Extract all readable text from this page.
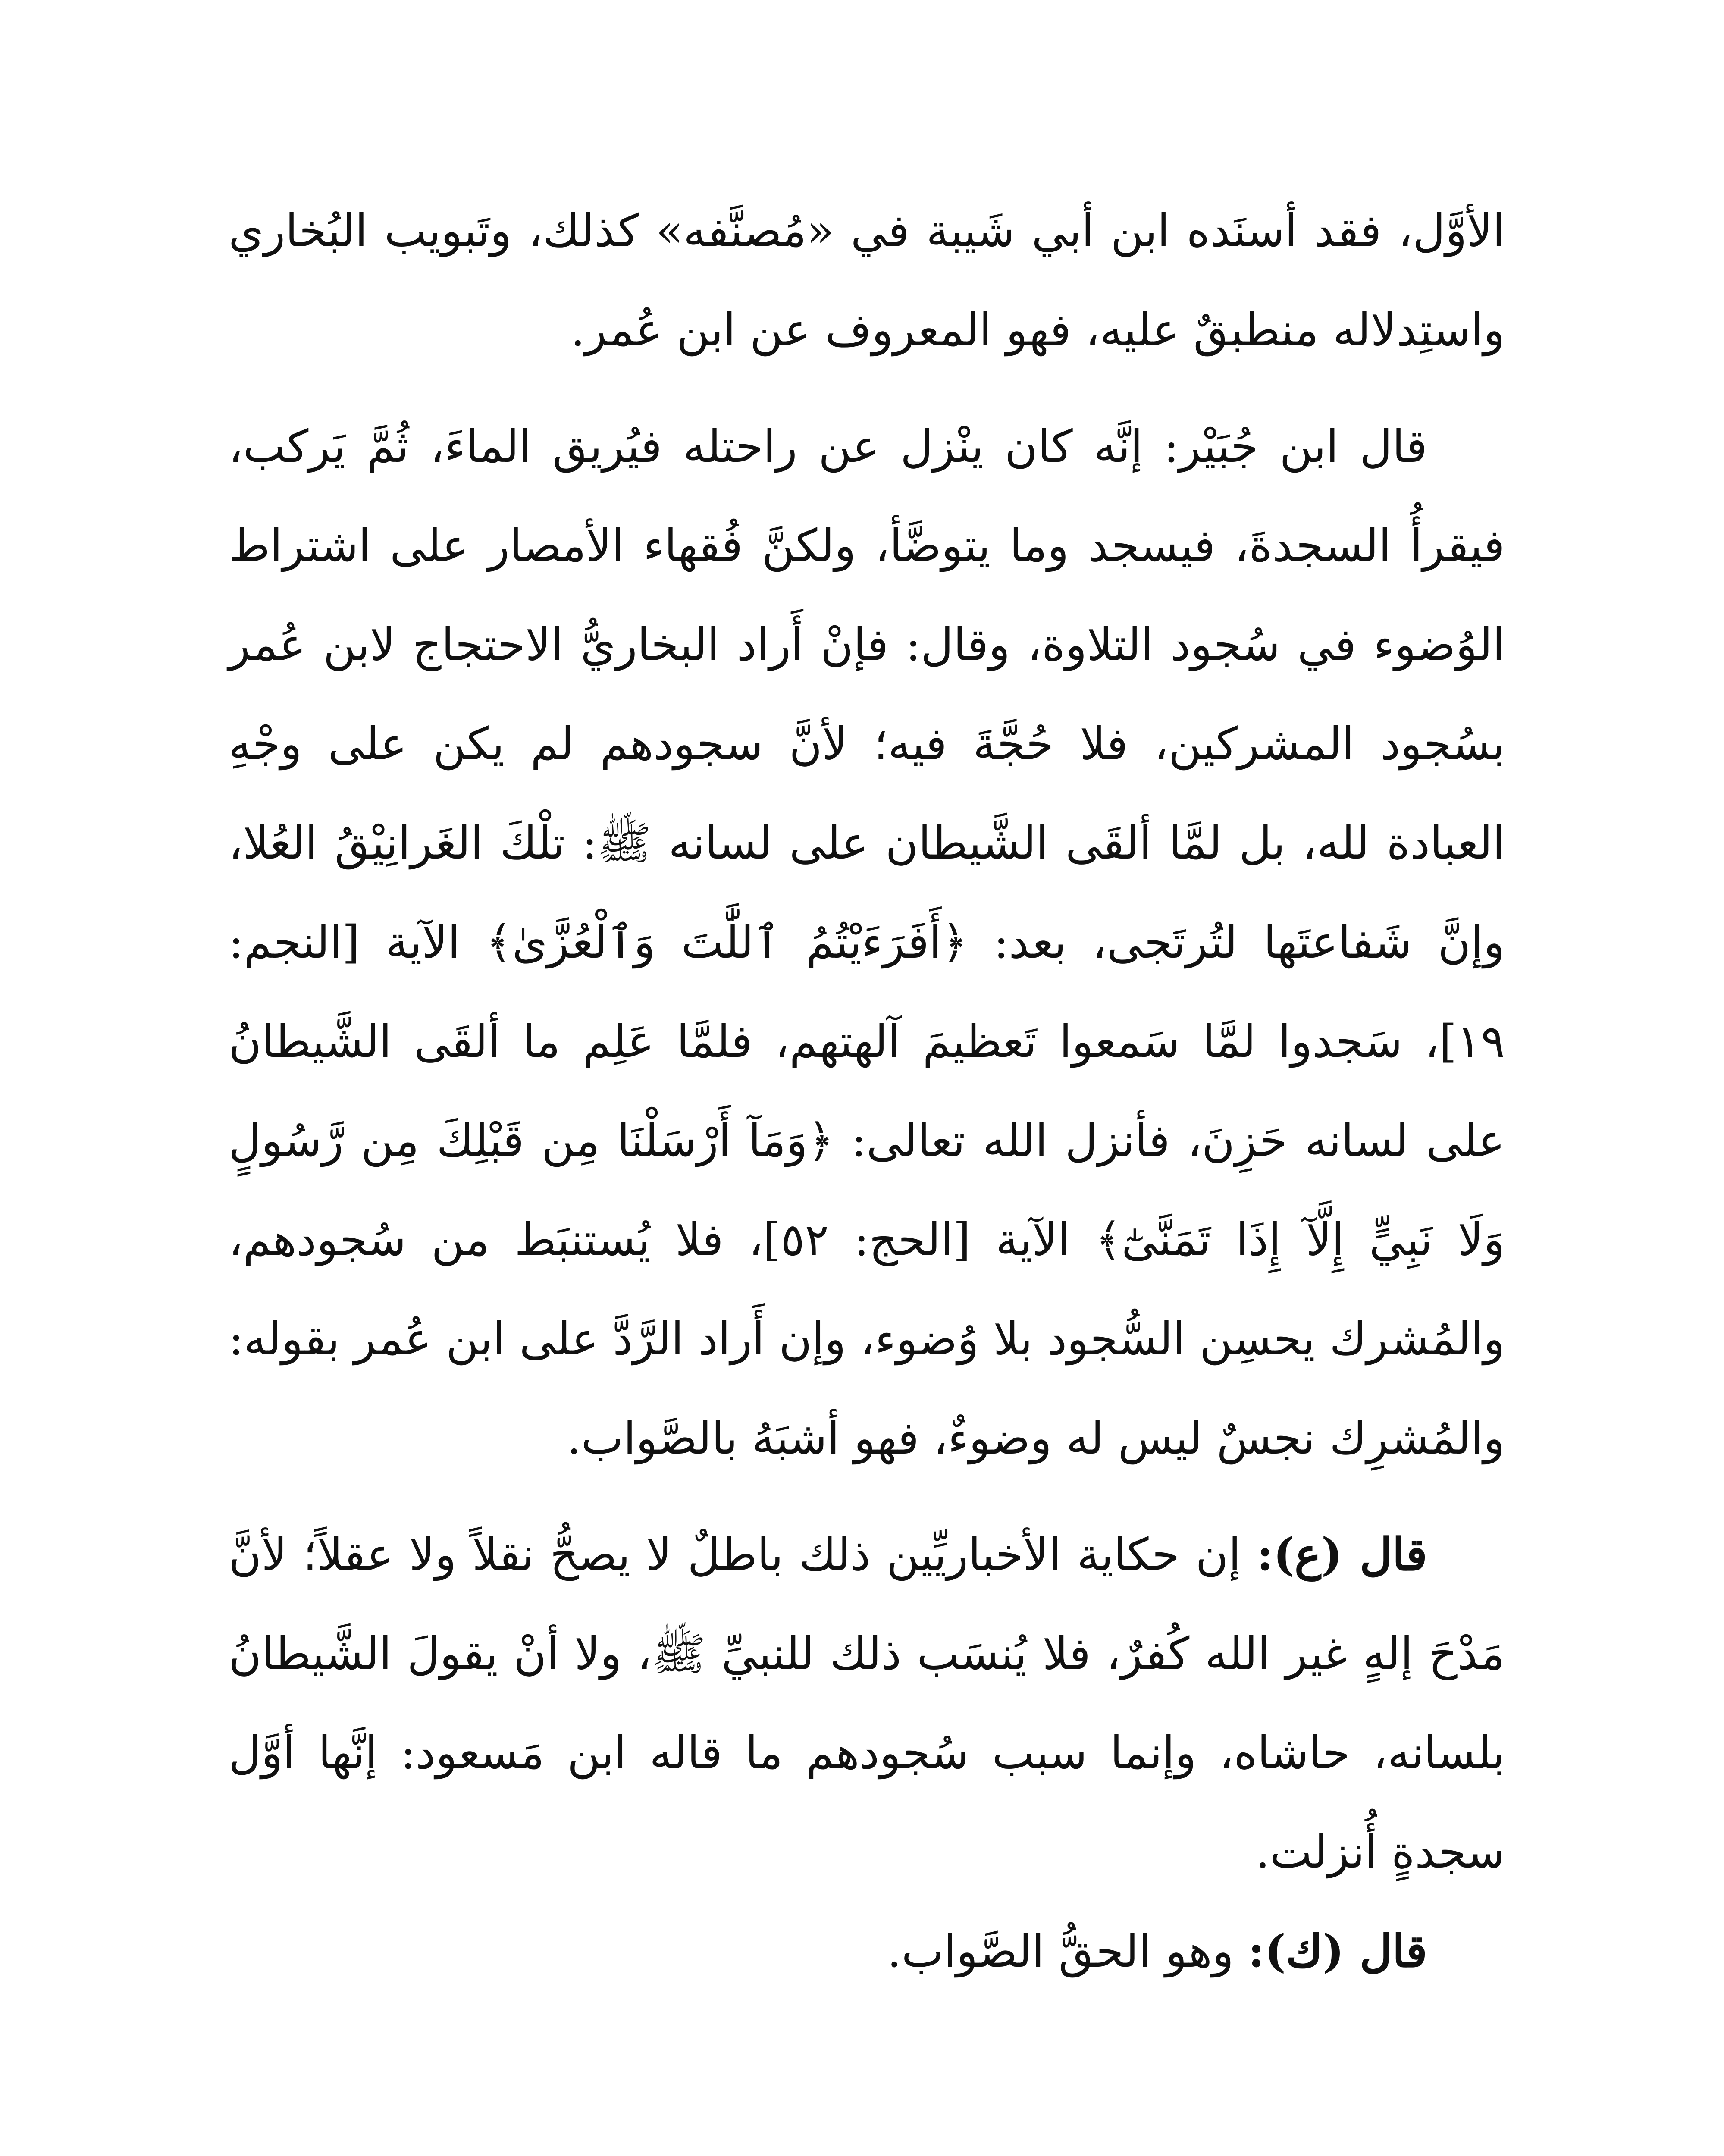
الأوَّل، فقد أسنَده ابن أبي شَيبة في «مُصنَّفه» كذلك، وتَبويب البُخاري واستِدلاله منطبقٌ عليه، فهو المعروف عن ابن عُمر.

قال ابن جُبَيْر: إنَّه كان ينْزل عن راحتله فيُريق الماءَ، ثُمَّ يَركب، فيقرأُ السجدةَ، فيسجد وما يتوضَّأ، ولكنَّ فُقهاء الأمصار على اشتراط الوُضوء في سُجود التلاوة، وقال: فإنْ أَراد البخاريُّ الاحتجاج لابن عُمر بسُجود المشركين، فلا حُجَّةَ فيه؛ لأنَّ سجودهم لم يكن على وجْهِ العبادة لله، بل لمَّا ألقَى الشَّيطان على لسانه ﷺ: تلْكَ الغَرانِيْقُ العُلا، وإنَّ شَفاعتَها لتُرتَجى، بعد: ﴿أَفَرَءَيْتُمُ ٱللَّٰتَ وَٱلْعُزَّىٰ﴾ الآية [النجم: ١٩]، سَجدوا لمَّا سَمعوا تَعظيمَ آلهتهم، فلمَّا عَلِم ما ألقَى الشَّيطانُ على لسانه حَزِنَ، فأنزل الله تعالى: ﴿وَمَآ أَرْسَلْنَا مِن قَبْلِكَ مِن رَّسُولٍ وَلَا نَبِيٍّ إِلَّآ إِذَا تَمَنَّىٰٓ﴾ الآية [الحج: ٥٢]، فلا يُستنبَط من سُجودهم، والمُشرك يحسِن السُّجود بلا وُضوء، وإن أَراد الرَّدَّ على ابن عُمر بقوله: والمُشرِك نجسٌ ليس له وضوءٌ، فهو أشبَهُ بالصَّواب.

قال (ع): إن حكاية الأخباريِّين ذلك باطلٌ لا يصحُّ نقلاً ولا عقلاً؛ لأنَّ مَدْحَ إلهٍ غير الله كُفرٌ، فلا يُنسَب ذلك للنبيِّ ﷺ، ولا أنْ يقولَ الشَّيطانُ بلسانه، حاشاه، وإنما سبب سُجودهم ما قاله ابن مَسعود: إنَّها أوَّل سجدةٍ أُنزلت.

قال (ك): وهو الحقُّ الصَّواب.
